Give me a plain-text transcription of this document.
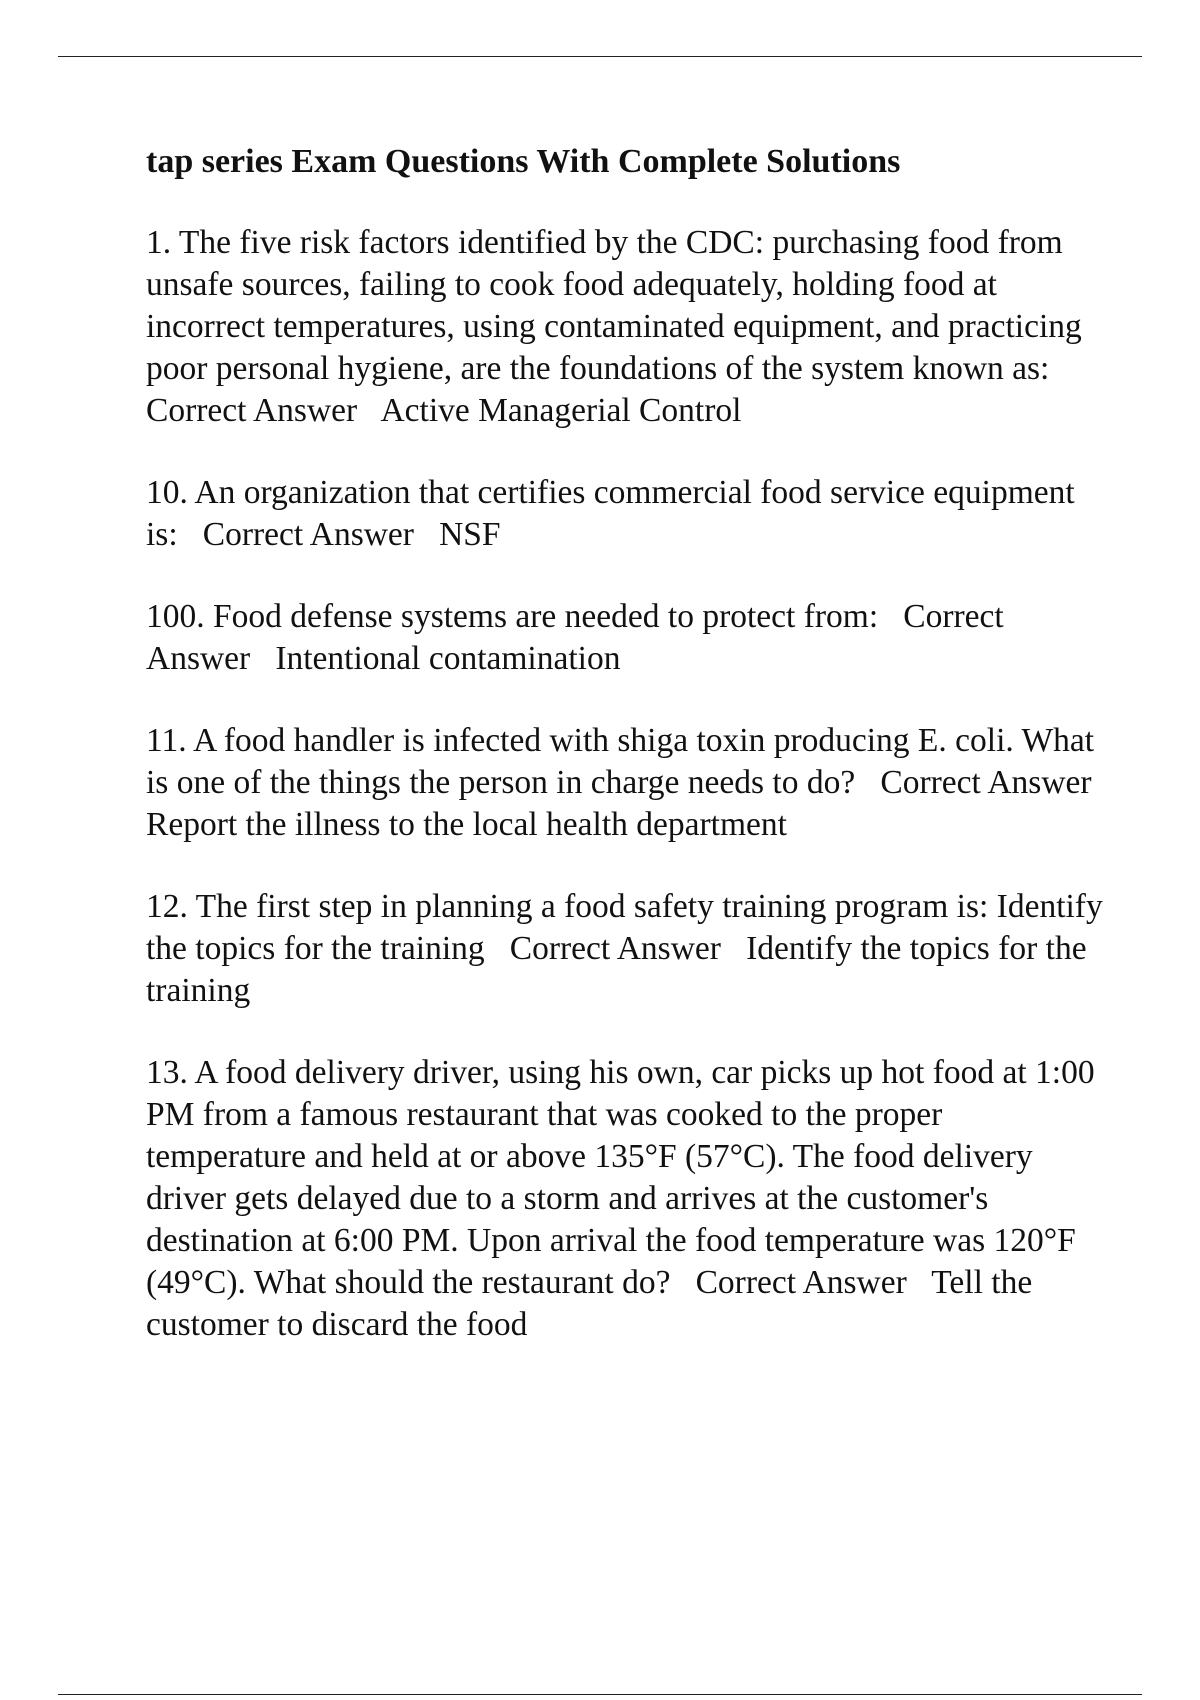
tap series Exam Questions With Complete Solutions
1. The five risk factors identified by the CDC: purchasing food from unsafe sources, failing to cook food adequately, holding food at incorrect temperatures, using contaminated equipment, and practicing poor personal hygiene, are the foundations of the system known as:   Correct Answer Active Managerial Control
10. An organization that certifies commercial food service equipment is: Correct Answer NSF
100. Food defense systems are needed to protect from: Correct Answer Intentional contamination
11. A food handler is infected with shiga toxin producing E. coli. What is one of the things the person in charge needs to do? Correct Answer   Report the illness to the local health department
12. The first step in planning a food safety training program is: Identify the topics for the training Correct Answer Identify the topics for the training
13. A food delivery driver, using his own, car picks up hot food at 1:00 PM from a famous restaurant that was cooked to the proper temperature and held at or above 135°F (57°C). The food delivery driver gets delayed due to a storm and arrives at the customer's destination at 6:00 PM. Upon arrival the food temperature was 120°F (49°C). What should the restaurant do? Correct Answer Tell the customer to discard the food
